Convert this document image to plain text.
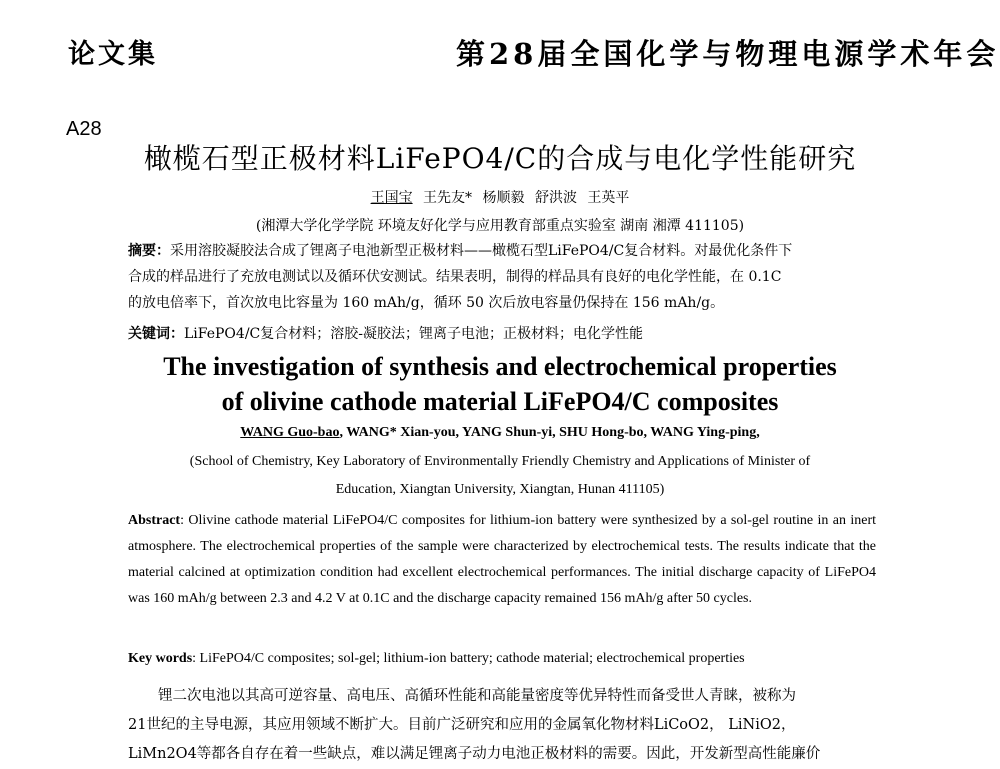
论文集	第28届全国化学与物理电源学术年会
A28
橄榄石型正极材料LiFePO4/C的合成与电化学性能研究
王国宝 王先友* 杨顺毅 舒洪波 王英平
(湘潭大学化学学院 环境友好化学与应用教育部重点实验室 湖南 湘潭 411105)
摘要：采用溶胶凝胶法合成了锂离子电池新型正极材料——橄榄石型LiFePO4/C复合材料。对最优化条件下
合成的样品进行了充放电测试以及循环伏安测试。结果表明，制得的样品具有良好的电化学性能，在 0.1C
的放电倍率下，首次放电比容量为 160 mAh/g，循环 50 次后放电容量仍保持在 156 mAh/g。
关键词：LiFePO4/C复合材料；溶胶-凝胶法；锂离子电池；正极材料；电化学性能
The investigation of synthesis and electrochemical properties
of olivine cathode material LiFePO4/C composites
WANG Guo-bao, WANG* Xian-you, YANG Shun-yi, SHU Hong-bo, WANG Ying-ping,
(School of Chemistry, Key Laboratory of Environmentally Friendly Chemistry and Applications of Minister of
Education, Xiangtan University, Xiangtan, Hunan 411105)
Abstract: Olivine cathode material LiFePO4/C composites for lithium-ion battery were synthesized by a sol-gel routine in an inert atmosphere. The electrochemical properties of the sample were characterized by electrochemical tests. The results indicate that the material calcined at optimization condition had excellent electrochemical performances. The initial discharge capacity of LiFePO4 was 160 mAh/g between 2.3 and 4.2 V at 0.1C and the discharge capacity remained 156 mAh/g after 50 cycles.
Key words: LiFePO4/C composites; sol-gel; lithium-ion battery; cathode material; electrochemical properties
锂二次电池以其高可逆容量、高电压、高循环性能和高能量密度等优异特性而备受世人青睐，被称为
21世纪的主导电源，其应用领域不断扩大。目前广泛研究和应用的金属氧化物材料LiCoO2， LiNiO2，
LiMn2O4等都各自存在着一些缺点，难以满足锂离子动力电池正极材料的需要。因此，开发新型高性能廉价
